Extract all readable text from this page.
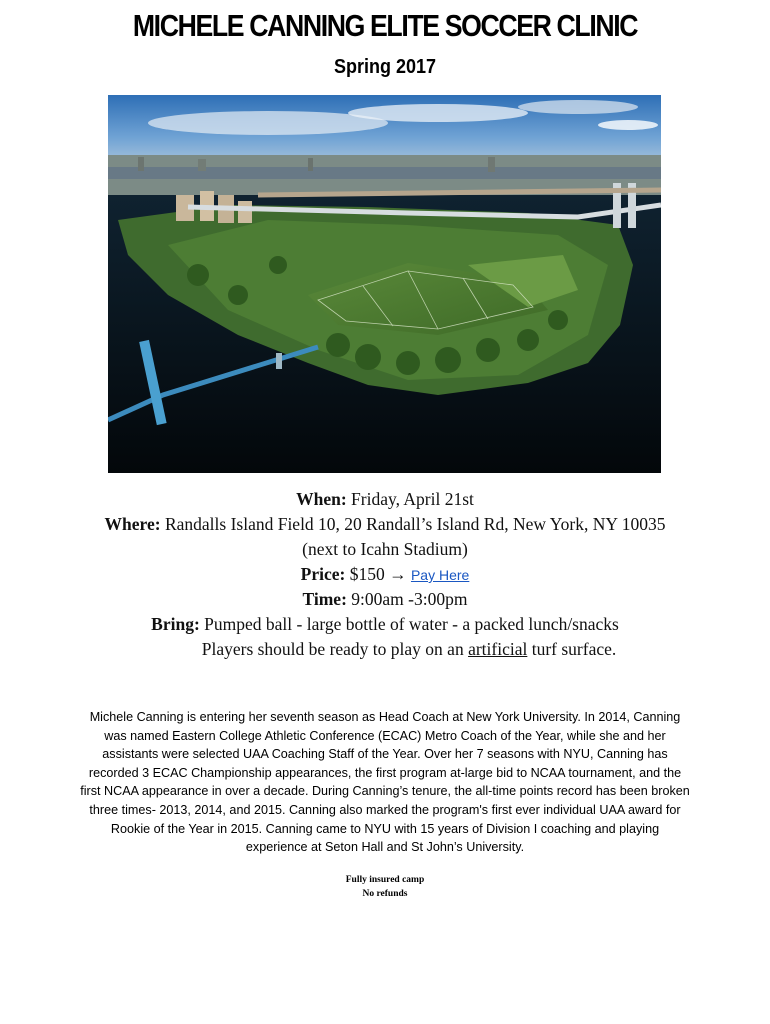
MICHELE CANNING ELITE SOCCER CLINIC
Spring 2017
When: Friday, April 21st
Where: Randalls Island Field 10, 20 Randall’s Island Rd, New York, NY 10035
(next to Icahn Stadium)
Price: $150 → Pay Here
Time: 9:00am -3:00pm
Bring: Pumped ball - large bottle of water - a packed lunch/snacks
Players should be ready to play on an artificial turf surface.
Michele Canning is entering her seventh season as Head Coach at New York University. In 2014, Canning was named Eastern College Athletic Conference (ECAC) Metro Coach of the Year, while she and her assistants were selected UAA Coaching Staff of the Year. Over her 7 seasons with NYU, Canning has recorded 3 ECAC Championship appearances, the first program at-large bid to NCAA tournament, and the first NCAA appearance in over a decade. During Canning’s tenure, the all-time points record has been broken three times- 2013, 2014, and 2015. Canning also marked the program's first ever individual UAA award for Rookie of the Year in 2015. Canning came to NYU with 15 years of Division I coaching and playing experience at Seton Hall and St John’s University.
Fully insured camp
No refunds
